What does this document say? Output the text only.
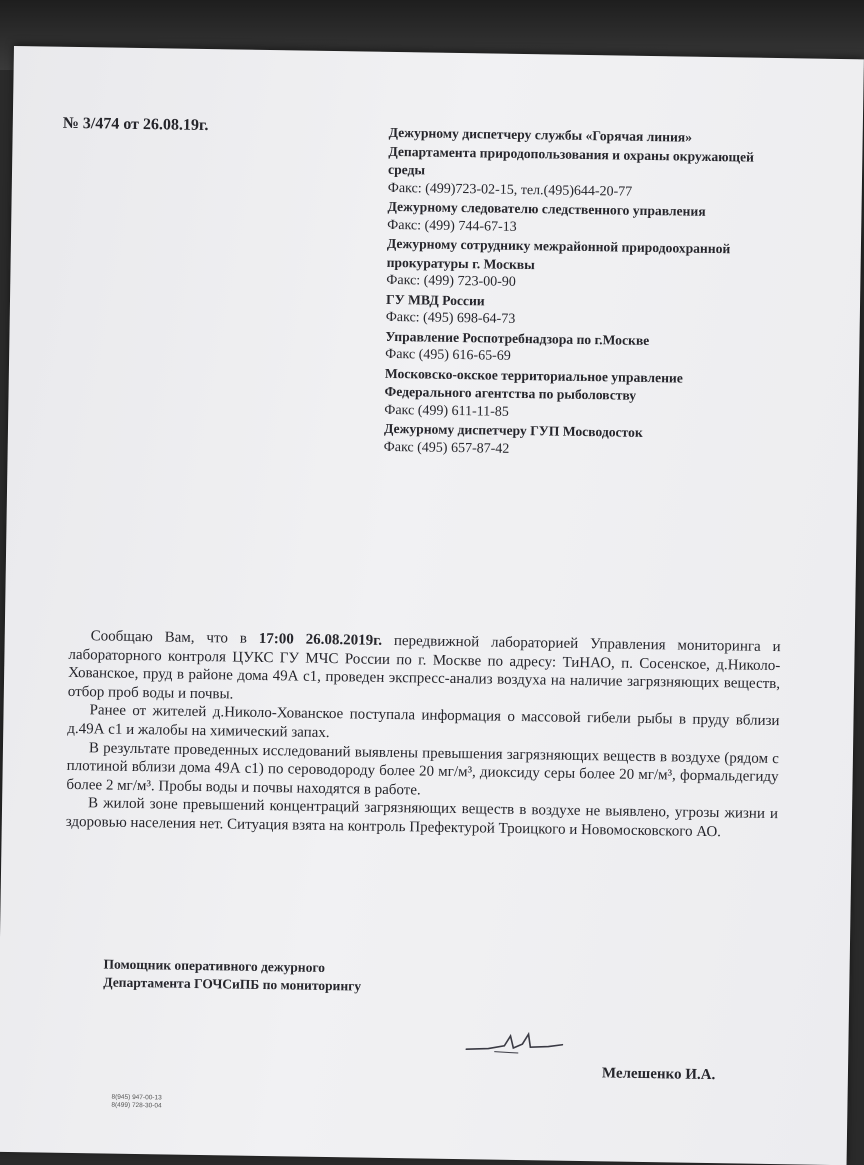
№ 3/474 от 26.08.19г.
Дежурному диспетчеру службы «Горячая линия» Департамента природопользования и охраны окружающей среды
Факс: (499)723-02-15, тел.(495)644-20-77
Дежурному следователю следственного управления
Факс: (499) 744-67-13
Дежурному сотруднику межрайонной природоохранной прокуратуры г. Москвы
Факс: (499) 723-00-90
ГУ МВД России
Факс: (495) 698-64-73
Управление Роспотребнадзора по г.Москве
Факс (495) 616-65-69
Московско-окское территориальное управление Федерального агентства по рыболовству
Факс (499) 611-11-85
Дежурному диспетчеру ГУП Мосводосток
Факс (495) 657-87-42

Сообщаю Вам, что в 17:00 26.08.2019г. передвижной лабораторией Управления мониторинга и лабораторного контроля ЦУКС ГУ МЧС России по г. Москве по адресу: ТиНАО, п. Сосенское, д.Николо-Хованское, пруд в районе дома 49А с1, проведен экспресс-анализ воздуха на наличие загрязняющих веществ, отбор проб воды и почвы.

Ранее от жителей д.Николо-Хованское поступала информация о массовой гибели рыбы в пруду вблизи д.49А с1 и жалобы на химический запах.

В результате проведенных исследований выявлены превышения загрязняющих веществ в воздухе (рядом с плотиной вблизи дома 49А с1) по сероводороду более 20 мг/м³, диоксиду серы более 20 мг/м³, формальдегиду более 2 мг/м³. Пробы воды и почвы находятся в работе.

В жилой зоне превышений концентраций загрязняющих веществ в воздухе не выявлено, угрозы жизни и здоровью населения нет. Ситуация взята на контроль Префектурой Троицкого и Новомосковского АО.

Помощник оперативного дежурного
Департамента ГОЧСиПБ по мониторингу
Мелешенко И.А.
8(945) 947-00-13
8(499) 728-30-04
